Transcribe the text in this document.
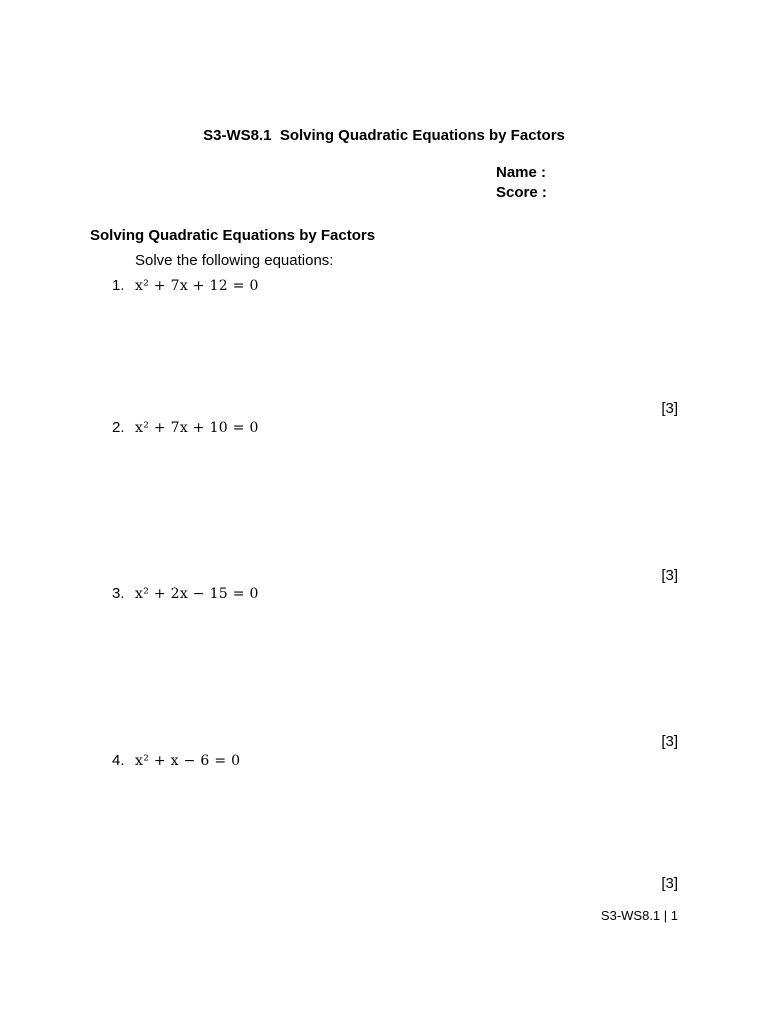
S3-WS8.1  Solving Quadratic Equations by Factors
Name :
Score :
Solving Quadratic Equations by Factors
Solve the following equations:
1. x² + 7x + 12 = 0
[3]
2. x² + 7x + 10 = 0
[3]
3. x² + 2x − 15 = 0
[3]
4. x² + x − 6 = 0
[3]
S3-WS8.1 | 1
